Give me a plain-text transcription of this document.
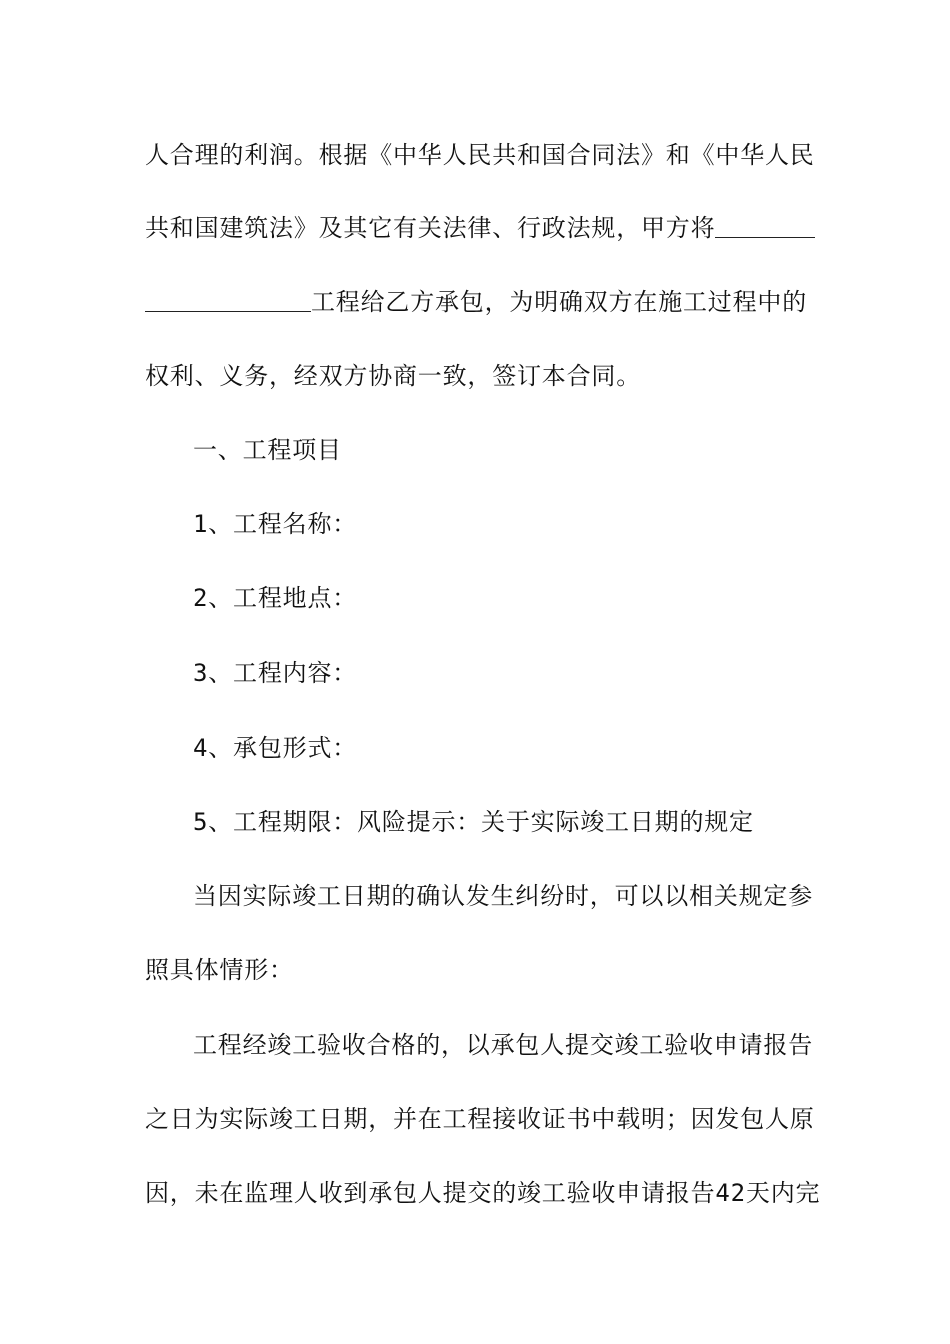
人合理的利润。根据《中华人民共和国合同法》和《中华人民
共和国建筑法》及其它有关法律、行政法规，甲方将
工程给乙方承包，为明确双方在施工过程中的
权利、义务，经双方协商一致，签订本合同。
一、工程项目
1、工程名称：
2、工程地点：
3、工程内容：
4、承包形式：
5、工程期限：风险提示：关于实际竣工日期的规定
当因实际竣工日期的确认发生纠纷时，可以以相关规定参
照具体情形：
工程经竣工验收合格的，以承包人提交竣工验收申请报告
之日为实际竣工日期，并在工程接收证书中载明；因发包人原
因，未在监理人收到承包人提交的竣工验收申请报告42天内完
